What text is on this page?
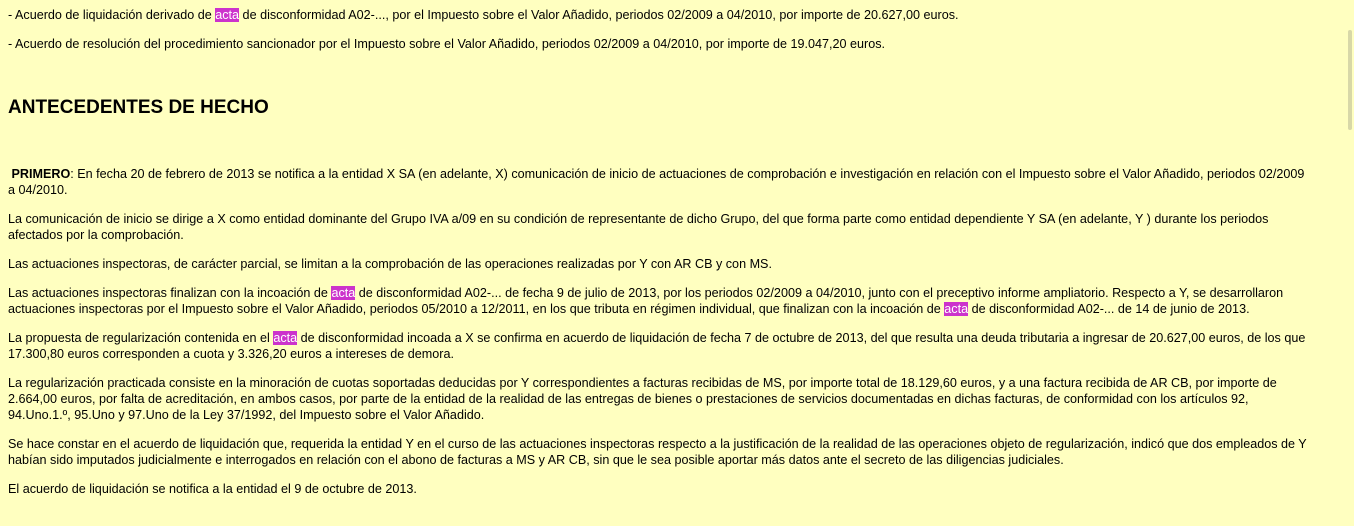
- Acuerdo de liquidación derivado de acta de disconformidad A02-..., por el Impuesto sobre el Valor Añadido, periodos 02/2009 a 04/2010, por importe de 20.627,00 euros.

- Acuerdo de resolución del procedimiento sancionador por el Impuesto sobre el Valor Añadido, periodos 02/2009 a 04/2010, por importe de 19.047,20 euros.

ANTECEDENTES DE HECHO

PRIMERO: En fecha 20 de febrero de 2013 se notifica a la entidad X SA (en adelante, X) comunicación de inicio de actuaciones de comprobación e investigación en relación con el Impuesto sobre el Valor Añadido, periodos 02/2009 a 04/2010.

La comunicación de inicio se dirige a X como entidad dominante del Grupo IVA a/09 en su condición de representante de dicho Grupo, del que forma parte como entidad dependiente Y SA (en adelante, Y ) durante los periodos afectados por la comprobación.

Las actuaciones inspectoras, de carácter parcial, se limitan a la comprobación de las operaciones realizadas por Y con AR CB y con MS.

Las actuaciones inspectoras finalizan con la incoación de acta de disconformidad A02-... de fecha 9 de julio de 2013, por los periodos 02/2009 a 04/2010, junto con el preceptivo informe ampliatorio. Respecto a Y, se desarrollaron actuaciones inspectoras por el Impuesto sobre el Valor Añadido, periodos 05/2010 a 12/2011, en los que tributa en régimen individual, que finalizan con la incoación de acta de disconformidad A02-... de 14 de junio de 2013.

La propuesta de regularización contenida en el acta de disconformidad incoada a X se confirma en acuerdo de liquidación de fecha 7 de octubre de 2013, del que resulta una deuda tributaria a ingresar de 20.627,00 euros, de los que 17.300,80 euros corresponden a cuota y 3.326,20 euros a intereses de demora.

La regularización practicada consiste en la minoración de cuotas soportadas deducidas por Y correspondientes a facturas recibidas de MS, por importe total de 18.129,60 euros, y a una factura recibida de AR CB, por importe de 2.664,00 euros, por falta de acreditación, en ambos casos, por parte de la entidad de la realidad de las entregas de bienes o prestaciones de servicios documentadas en dichas facturas, de conformidad con los artículos 92, 94.Uno.1.º, 95.Uno y 97.Uno de la Ley 37/1992, del Impuesto sobre el Valor Añadido.

Se hace constar en el acuerdo de liquidación que, requerida la entidad Y en el curso de las actuaciones inspectoras respecto a la justificación de la realidad de las operaciones objeto de regularización, indicó que dos empleados de Y habían sido imputados judicialmente e interrogados en relación con el abono de facturas a MS y AR CB, sin que le sea posible aportar más datos ante el secreto de las diligencias judiciales.

El acuerdo de liquidación se notifica a la entidad el 9 de octubre de 2013.
